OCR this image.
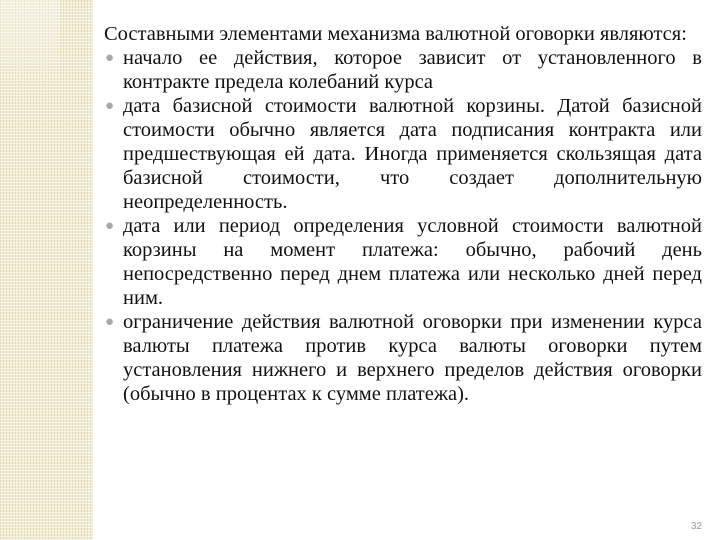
Составными элементами механизма валютной оговорки являются:

● начало ее действия, которое зависит от установленного в контракте предела колебаний курса
● дата базисной стоимости валютной корзины. Датой базисной стоимости обычно является дата подписания контракта или предшествующая ей дата. Иногда применяется скользящая дата базисной стоимости, что создает дополнительную неопределенность.
● дата или период определения условной стоимости валютной корзины на момент платежа: обычно, рабочий день непосредственно перед днем платежа или несколько дней перед ним.
● ограничение действия валютной оговорки при изменении курса валюты платежа против курса валюты оговорки путем установления нижнего и верхнего пределов действия оговорки (обычно в процентах к сумме платежа).
32
